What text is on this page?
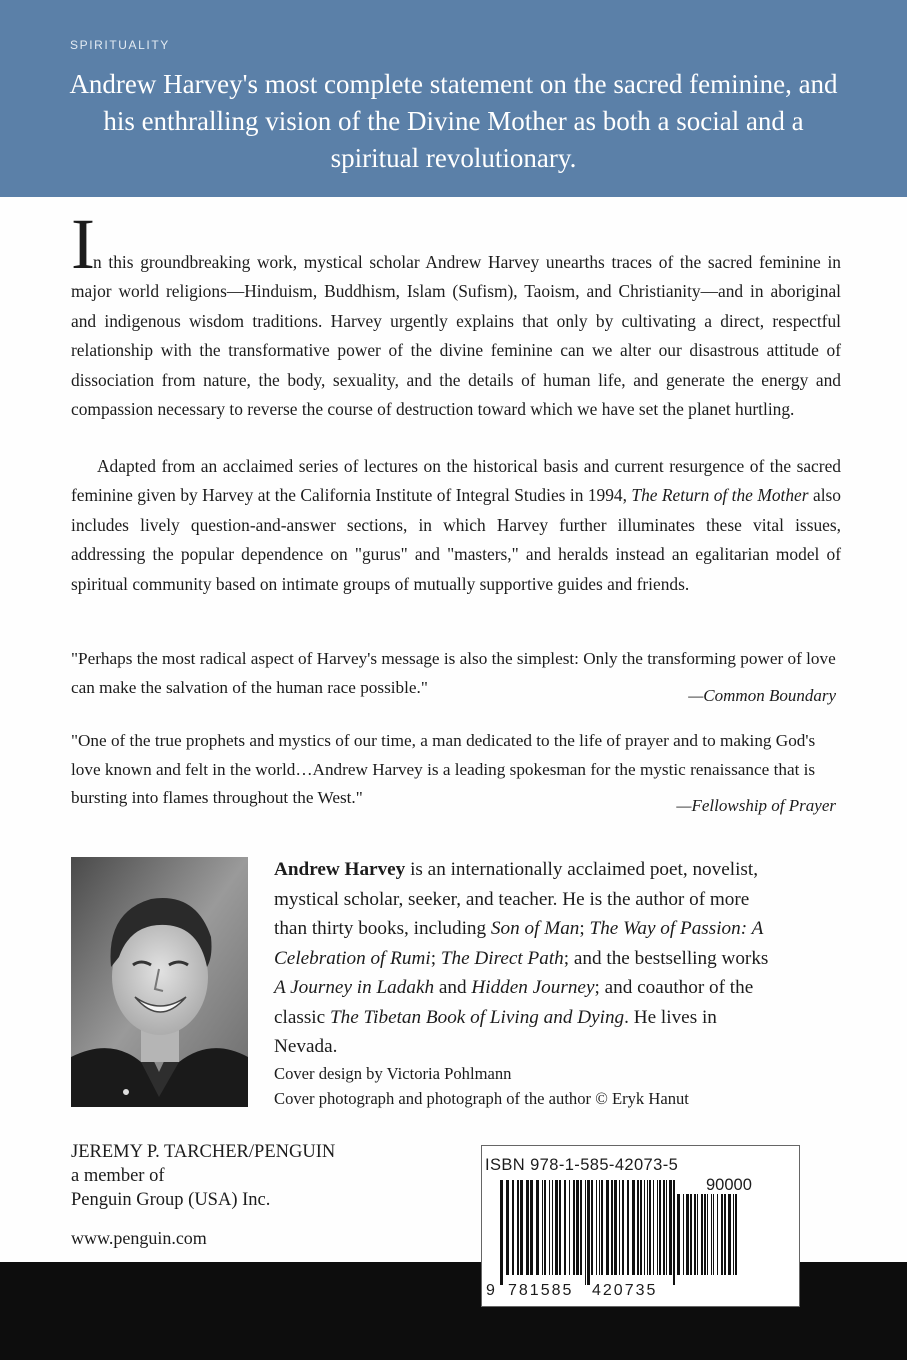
SPIRITUALITY
Andrew Harvey's most complete statement on the sacred feminine, and his enthralling vision of the Divine Mother as both a social and a spiritual revolutionary.
I
n this groundbreaking work, mystical scholar Andrew Harvey unearths traces of the sacred feminine in major world religions—Hinduism, Buddhism, Islam (Sufism), Taoism, and Christianity—and in aboriginal and indigenous wisdom traditions. Harvey urgently explains that only by cultivating a direct, respectful relationship with the transformative power of the divine feminine can we alter our disastrous attitude of dissociation from nature, the body, sexuality, and the details of human life, and generate the energy and compassion necessary to reverse the course of destruction toward which we have set the planet hurtling.
Adapted from an acclaimed series of lectures on the historical basis and current resurgence of the sacred feminine given by Harvey at the California Institute of Integral Studies in 1994, The Return of the Mother also includes lively question-and-answer sections, in which Harvey further illuminates these vital issues, addressing the popular dependence on "gurus" and "masters," and heralds instead an egalitarian model of spiritual community based on intimate groups of mutually supportive guides and friends.
"Perhaps the most radical aspect of Harvey's message is also the simplest: Only the transforming power of love can make the salvation of the human race possible."	—Common Boundary
"One of the true prophets and mystics of our time, a man dedicated to the life of prayer and to making God's love known and felt in the world…Andrew Harvey is a leading spokesman for the mystic renaissance that is bursting into flames throughout the West."	—Fellowship of Prayer
Andrew Harvey is an internationally acclaimed poet, novelist, mystical scholar, seeker, and teacher. He is the author of more than thirty books, including Son of Man; The Way of Passion: A Celebration of Rumi; The Direct Path; and the bestselling works A Journey in Ladakh and Hidden Journey; and coauthor of the classic The Tibetan Book of Living and Dying. He lives in Nevada.
Cover design by Victoria Pohlmann
Cover photograph and photograph of the author © Eryk Hanut
JEREMY P. TARCHER/PENGUIN
a member of
Penguin Group (USA) Inc.
www.penguin.com
ISBN 978-1-585-42073-5
90000
9 781585 420735
